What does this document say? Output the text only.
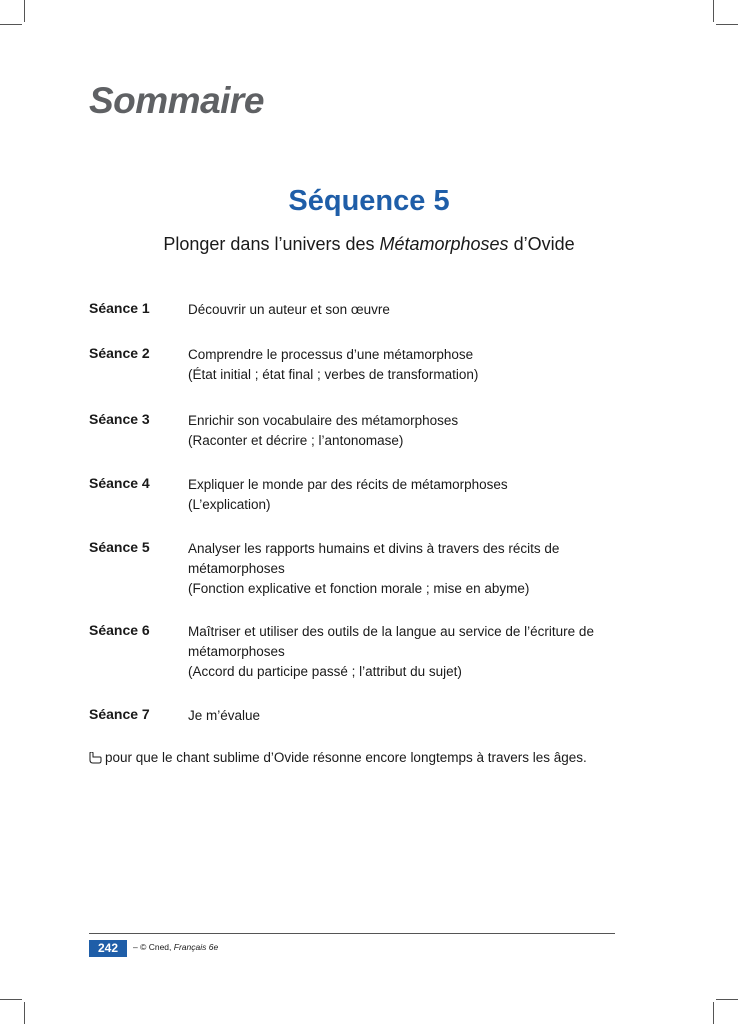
Sommaire
Séquence 5

Plonger dans l’univers des Métamorphoses d’Ovide

Séance 1	Découvrir un auteur et son œuvre
Séance 2	Comprendre le processus d’une métamorphose
(État initial ; état final ; verbes de transformation)
Séance 3	Enrichir son vocabulaire des métamorphoses
(Raconter et décrire ; l’antonomase)
Séance 4	Expliquer le monde par des récits de métamorphoses
(L’explication)
Séance 5	Analyser les rapports humains et divins à travers des récits de
métamorphoses
(Fonction explicative et fonction morale ; mise en abyme)
Séance 6	Maîtriser et utiliser des outils de la langue au service de l’écriture de
métamorphoses
(Accord du participe passé ; l’attribut du sujet)
Séance 7	Je m’évalue
pour que le chant sublime d’Ovide résonne encore longtemps à travers les âges.
242	– © Cned, Français 6e
